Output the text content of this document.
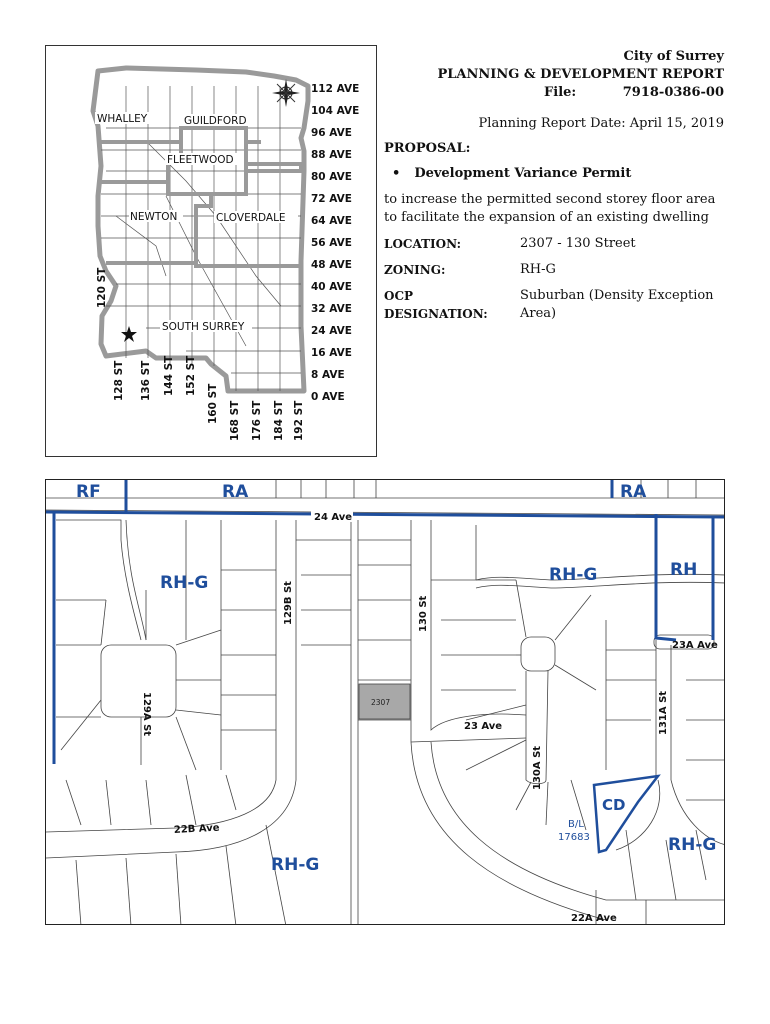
112 AVE
104 AVE
96 AVE
88 AVE
80 AVE
72 AVE
64 AVE
56 AVE
48 AVE
40 AVE
32 AVE
24 AVE
16 AVE
8 AVE
0 AVE
120 ST
128 ST 136 ST 144 ST 152 ST
160 ST 168 ST 176 ST 184 ST 192 ST
WHALLEY	GUILDFORD
FLEETWOOD
NEWTON	CLOVERDALE
SOUTH SURREY
City of Surrey
PLANNING & DEVELOPMENT REPORT
File:	7918-0386-00
Planning Report Date: April 15, 2019
PROPOSAL:
• Development Variance Permit
to increase the permitted second storey floor area to facilitate the expansion of an existing dwelling
LOCATION:	2307 - 130 Street
ZONING:	RH-G
OCP DESIGNATION:
Suburban (Density Exception Area)
2307
RF	RA	RA
RH-G	RH-G	RH
RH-G
RH-G
CD
B/L
17683
24 Ave
129A St
129B St	130 St
23 Ave
23A Ave
131A St
130A St
22B Ave
22A Ave
